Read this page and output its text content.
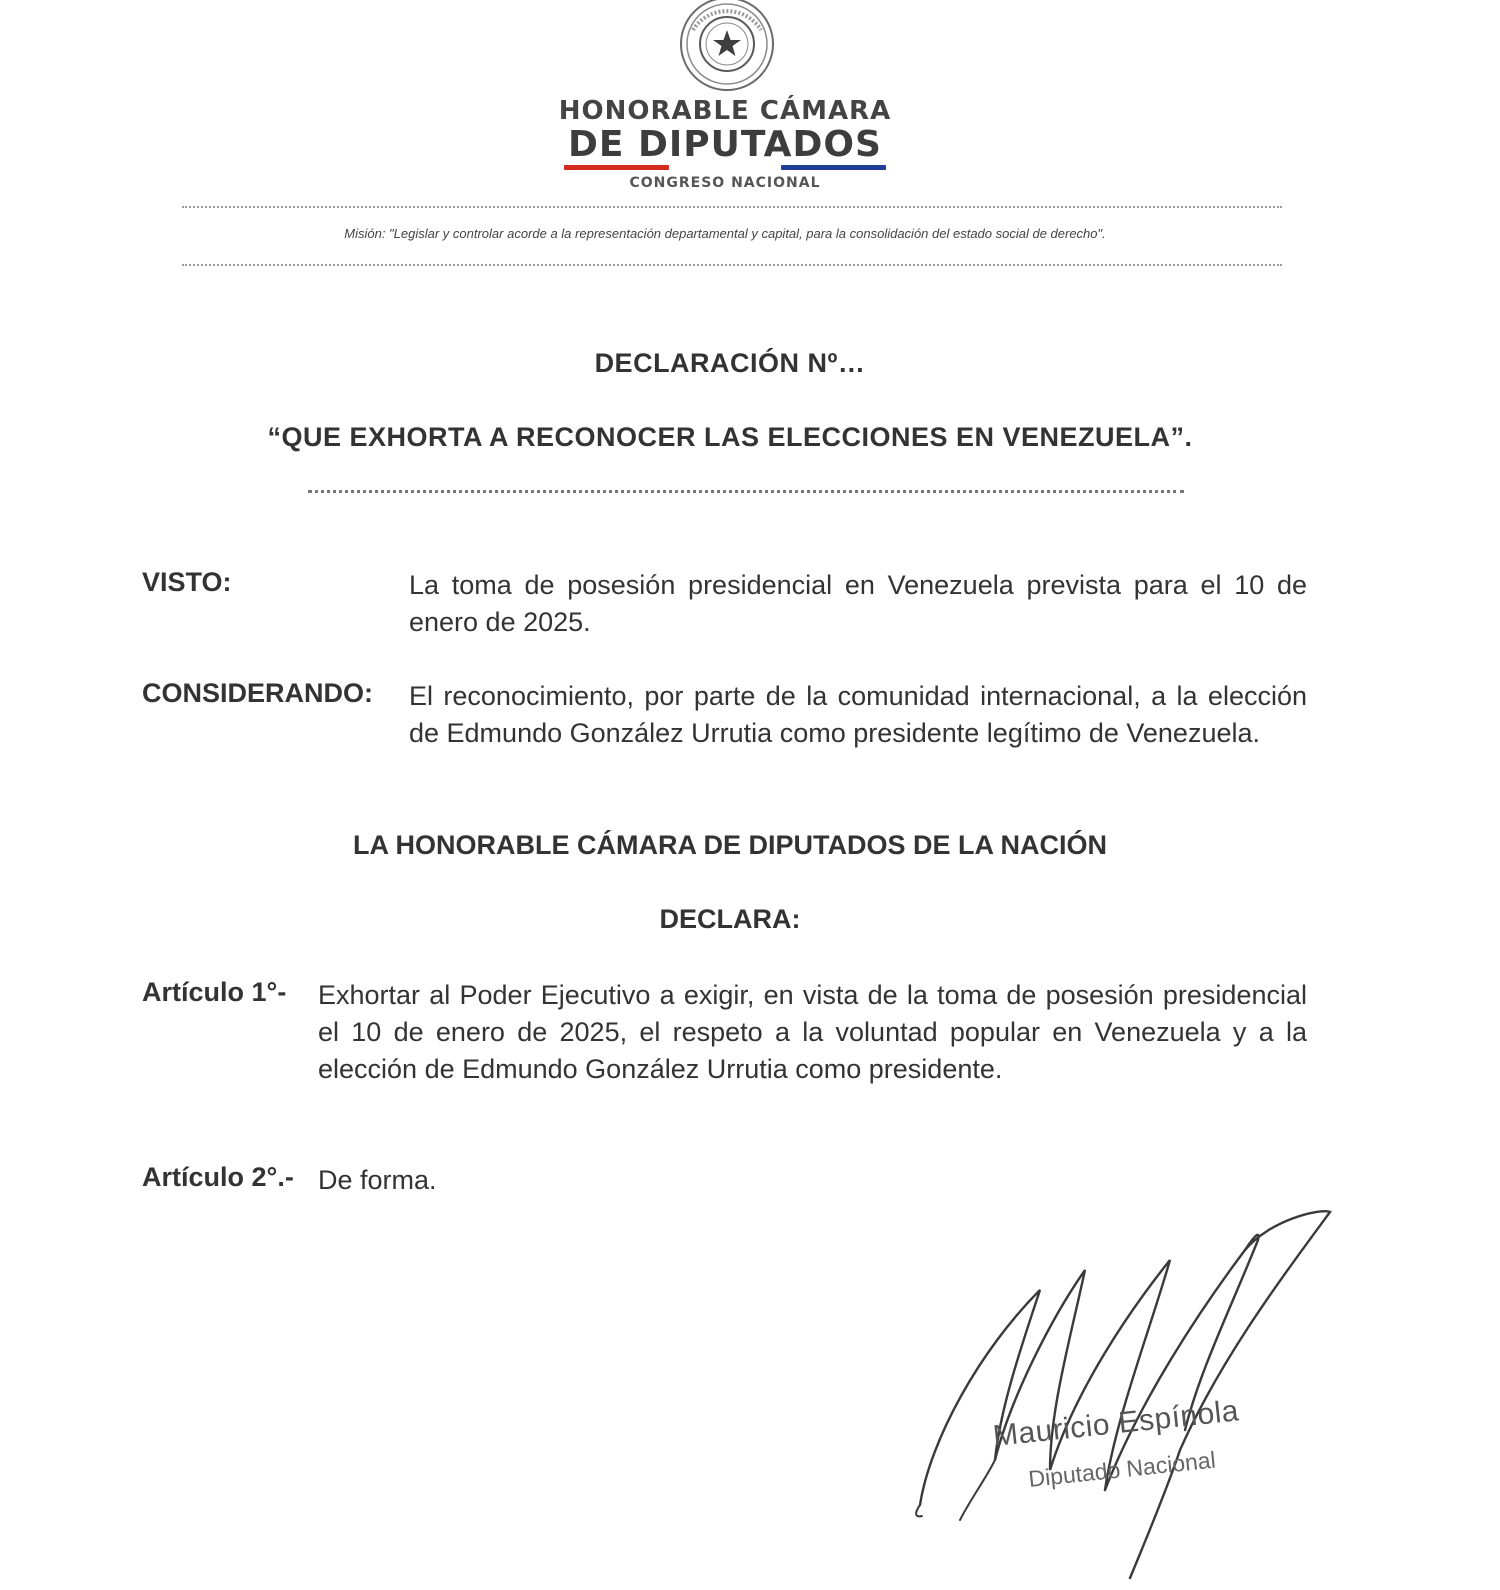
HONORABLE CÁMARA
DE DIPUTADOS
CONGRESO NACIONAL
Misión: "Legislar y controlar acorde a la representación departamental y capital, para la consolidación del estado social de derecho".
DECLARACIÓN Nº…
“QUE EXHORTA A RECONOCER LAS ELECCIONES EN VENEZUELA”.
VISTO:	La toma de posesión presidencial en Venezuela prevista para el 10 de enero de 2025.
CONSIDERANDO: El reconocimiento, por parte de la comunidad internacional, a la elección de Edmundo González Urrutia como presidente legítimo de Venezuela.
LA HONORABLE CÁMARA DE DIPUTADOS DE LA NACIÓN
DECLARA:
Artículo 1°- Exhortar al Poder Ejecutivo a exigir, en vista de la toma de posesión presidencial el 10 de enero de 2025, el respeto a la voluntad popular en Venezuela y a la elección de Edmundo González Urrutia como presidente.
Artículo 2°.- De forma.
Mauricio Espínola
Diputado Nacional
